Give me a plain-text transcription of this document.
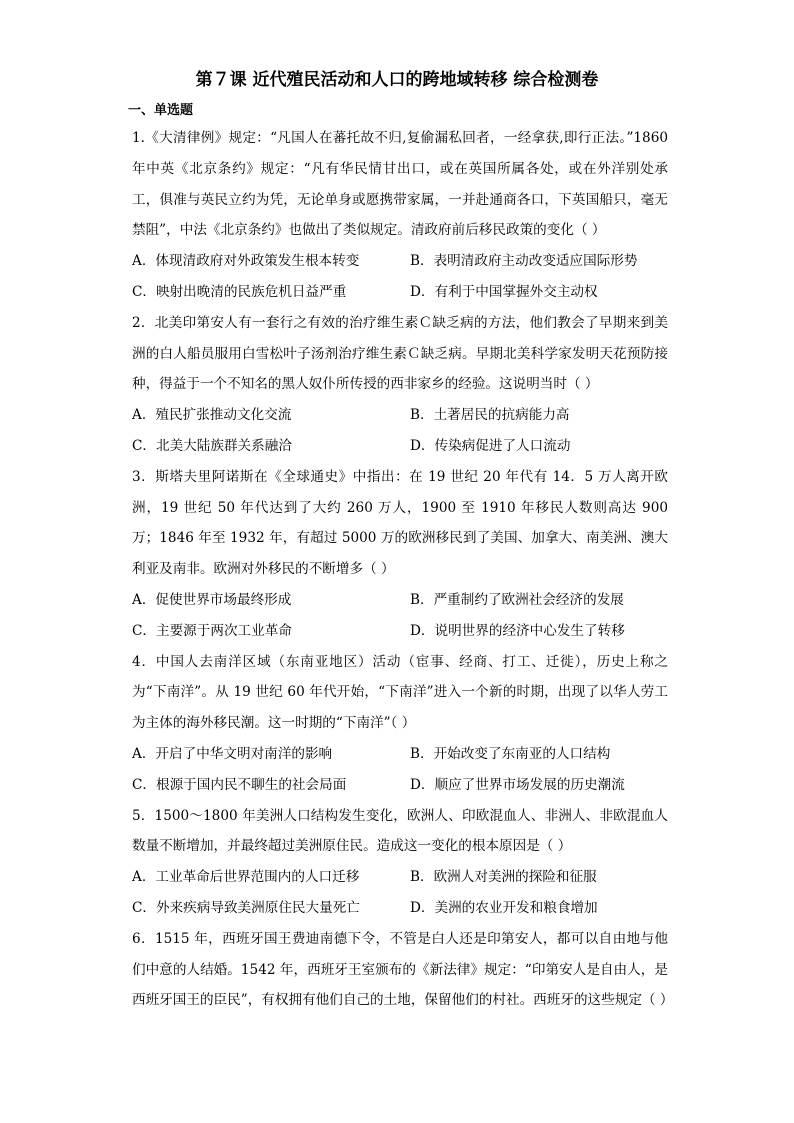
第７课 近代殖民活动和人口的跨地域转移 综合检测卷
一、单选题

1.《大清律例》规定：“凡国人在蕃托故不归,复偷漏私回者，一经拿获,即行正法。”1860年中英《北京条约》规定：“凡有华民情甘出口，或在英国所属各处，或在外洋别处承工，俱准与英民立约为凭，无论单身或愿携带家属，一并赴通商各口，下英国船只，毫无禁阻”，中法《北京条约》也做出了类似规定。清政府前后移民政策的变化（ ）

A．体现清政府对外政策发生根本转变	B．表明清政府主动改变适应国际形势
C．映射出晚清的民族危机日益严重	D．有利于中国掌握外交主动权

2．北美印第安人有一套行之有效的治疗维生素Ｃ缺乏病的方法，他们教会了早期来到美洲的白人船员服用白雪松叶子汤剂治疗维生素Ｃ缺乏病。早期北美科学家发明天花预防接种，得益于一个不知名的黑人奴仆所传授的西非家乡的经验。这说明当时（ ）

A．殖民扩张推动文化交流	B．土著居民的抗病能力高
C．北美大陆族群关系融洽	D．传染病促进了人口流动

3．斯塔夫里阿诺斯在《全球通史》中指出：在 19 世纪 20 年代有 14．5 万人离开欧洲，19 世纪 50 年代达到了大约 260 万人，1900 至 1910 年移民人数则高达 900 万；1846 年至 1932 年，有超过 5000 万的欧洲移民到了美国、加拿大、南美洲、澳大利亚及南非。欧洲对外移民的不断增多（ ）

A．促使世界市场最终形成	B．严重制约了欧洲社会经济的发展
C．主要源于两次工业革命	D．说明世界的经济中心发生了转移

4．中国人去南洋区域（东南亚地区）活动（宦事、经商、打工、迁徙），历史上称之为“下南洋”。从 19 世纪 60 年代开始，“下南洋”进入一个新的时期，出现了以华人劳工为主体的海外移民潮。这一时期的“下南洋”（ ）

A．开启了中华文明对南洋的影响	B．开始改变了东南亚的人口结构
C．根源于国内民不聊生的社会局面	D．顺应了世界市场发展的历史潮流

5．1500～1800 年美洲人口结构发生变化，欧洲人、印欧混血人、非洲人、非欧混血人数量不断增加，并最终超过美洲原住民。造成这一变化的根本原因是（ ）

A．工业革命后世界范围内的人口迁移	B．欧洲人对美洲的探险和征服
C．外来疾病导致美洲原住民大量死亡	D．美洲的农业开发和粮食增加

6．1515 年，西班牙国王费迪南德下令，不管是白人还是印第安人，都可以自由地与他们中意的人结婚。1542 年，西班牙王室颁布的《新法律》规定：“印第安人是自由人，是西班牙国王的臣民”，有权拥有他们自己的土地，保留他们的村社。西班牙的这些规定（ ）
